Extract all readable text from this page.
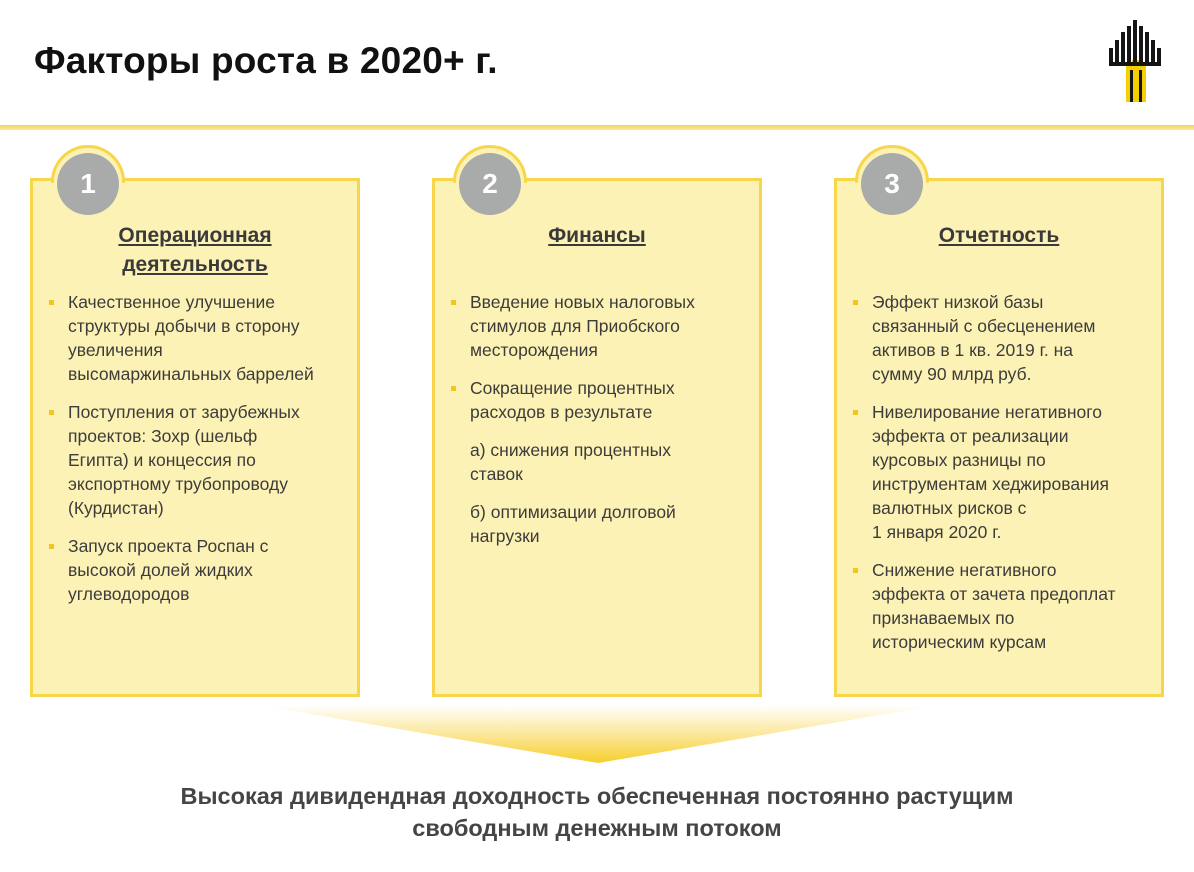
Факторы роста в 2020+ г.
1
Операционная
деятельность
Качественное улучшение
структуры добычи в сторону
увеличения
высомаржинальных баррелей
Поступления от зарубежных
проектов: Зохр (шельф
Египта) и концессия по
экспортному трубопроводу
(Курдистан)
Запуск проекта Роспан с
высокой долей жидких
углеводородов
2
Финансы
Введение новых налоговых
стимулов для Приобского
месторождения
Сокращение процентных
расходов в результате
а) снижения процентных
ставок
б) оптимизации долговой
нагрузки
3
Отчетность
Эффект низкой базы
связанный с обесценением
активов в 1 кв. 2019 г. на
сумму 90 млрд руб.
Нивелирование негативного
эффекта от реализации
курсовых разницы по
инструментам хеджирования
валютных рисков с
1 января 2020 г.
Снижение негативного
эффекта от зачета предоплат
признаваемых по
историческим курсам
Высокая дивидендная доходность обеспеченная постоянно растущим
свободным денежным потоком
